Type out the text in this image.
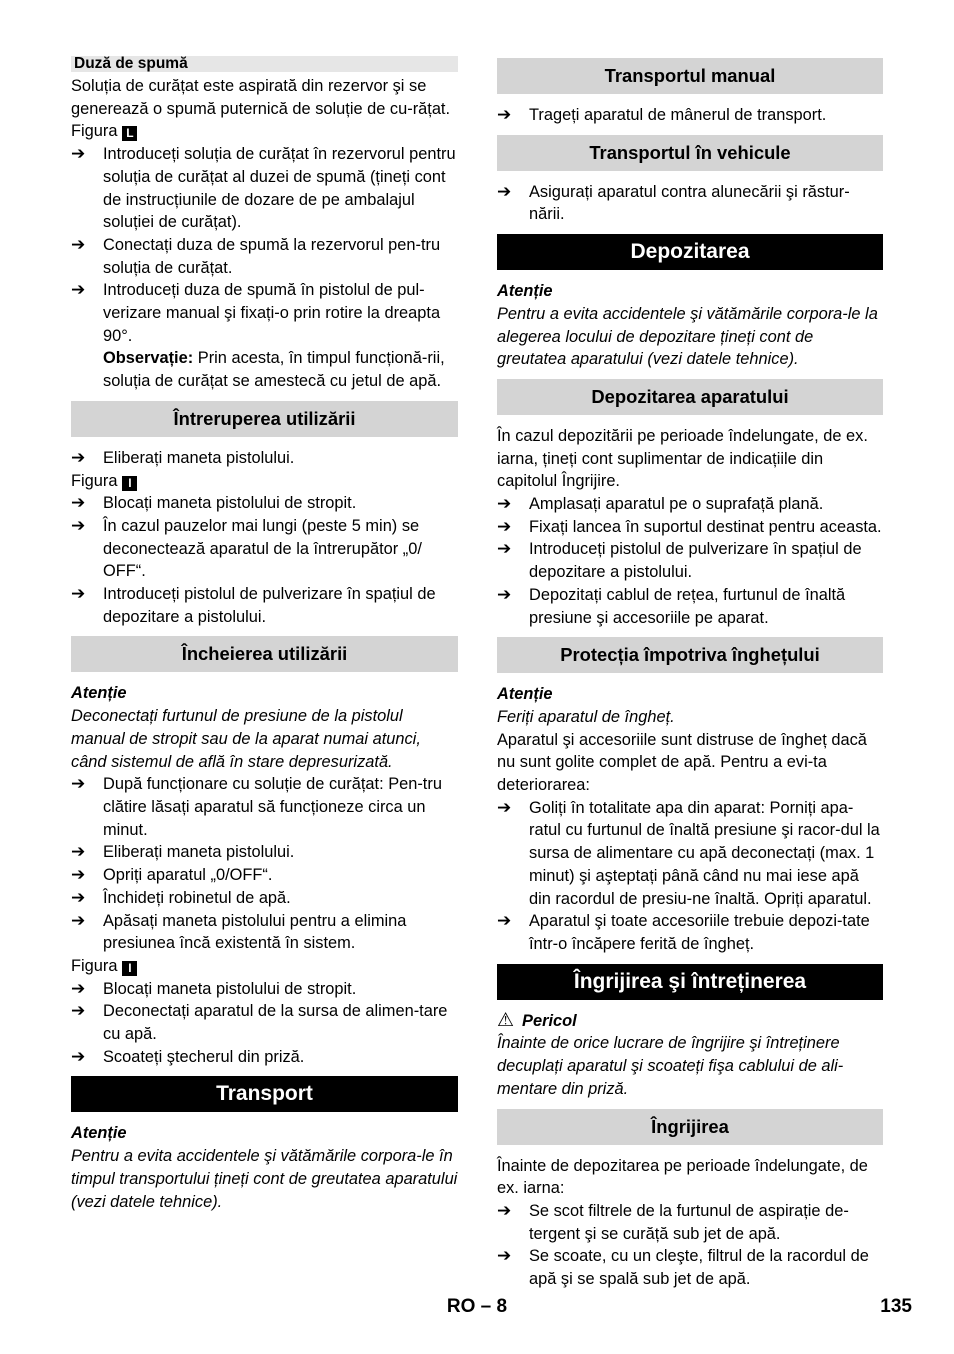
Duză de spumă

Soluția de curățat este aspirată din rezervor şi se generează o spumă puternică de soluție de cu-rățat.

Figura L

➔	Introduceți soluția de curățat în rezervorul pentru soluția de curățat al duzei de spumă (țineți cont de instrucțiunile de dozare de pe ambalajul soluției de curățat).
➔	Conectați duza de spumă la rezervorul pen-tru soluția de curățat.
➔	Introduceți duza de spumă în pistolul de pul-verizare manual şi fixați-o prin rotire la dreapta 90°.

Observație: Prin acesta, în timpul funcționă-rii, soluția de curățat se amestecă cu jetul de apă.

Întreruperea utilizării
➔	Eliberați maneta pistolului.

Figura I

➔	Blocați maneta pistolului de stropit.
➔	În cazul pauzelor mai lungi (peste 5 min) se deconectează aparatul de la întrerupător „0/ OFF“.
➔	Introduceți pistolul de pulverizare în spațiul de depozitare a pistolului.
Încheierea utilizării

Atenție

Deconectați furtunul de presiune de la pistolul manual de stropit sau de la aparat numai atunci, când sistemul de află în stare depresurizată.

➔	După funcționare cu soluție de curățat: Pen-tru clătire lăsați aparatul să funcționeze circa un minut.
➔	Eliberați maneta pistolului.
➔	Opriți aparatul „0/OFF“.
➔	Închideți robinetul de apă.
➔	Apăsați maneta pistolului pentru a elimina presiunea încă existentă în sistem.

Figura I

➔	Blocați maneta pistolului de stropit.
➔	Deconectați aparatul de la sursa de alimen-tare cu apă.
➔	Scoateți ştecherul din priză.
Transport

Atenție

Pentru a evita accidentele şi vătămările corpora-le în timpul transportului țineți cont de greutatea aparatului (vezi datele tehnice).

Transportul manual
➔	Trageți aparatul de mânerul de transport.
Transportul în vehicule
➔	Asigurați aparatul contra alunecării şi răstur-nării.
Depozitarea

Atenție

Pentru a evita accidentele şi vătămările corpora-le la alegerea locului de depozitare țineți cont de greutatea aparatului (vezi datele tehnice).

Depozitarea aparatului

În cazul depozitării pe perioade îndelungate, de ex. iarna, țineți cont suplimentar de indicațiile din capitolul Îngrijire.

➔	Amplasați aparatul pe o suprafață plană.
➔	Fixați lancea în suportul destinat pentru aceasta.
➔	Introduceți pistolul de pulverizare în spațiul de depozitare a pistolului.
➔	Depozitați cablul de rețea, furtunul de înaltă presiune şi accesoriile pe aparat.
Protecția împotriva înghețului

Atenție

Feriți aparatul de îngheț.

Aparatul şi accesoriile sunt distruse de îngheț dacă nu sunt golite complet de apă. Pentru a evi-ta deteriorarea:

➔	Goliți în totalitate apa din aparat: Porniți apa-ratul cu furtunul de înaltă presiune şi racor-dul la sursa de alimentare cu apă deconectați (max. 1 minut) şi aşteptați până când nu mai iese apă din racordul de presiu-ne înaltă. Opriți aparatul.
➔	Aparatul şi toate accesoriile trebuie depozi-tate într-o încăpere ferită de îngheț.
Îngrijirea şi întreținerea

⚠ Pericol

Înainte de orice lucrare de îngrijire şi întreținere decuplați aparatul şi scoateți fişa cablului de ali-mentare din priză.

Îngrijirea

Înainte de depozitarea pe perioade îndelungate, de ex. iarna:

➔	Se scot filtrele de la furtunul de aspirație de-tergent şi se curăță sub jet de apă.
➔	Se scoate, cu un cleşte, filtrul de la racordul de apă şi se spală sub jet de apă.
RO – 8	135
